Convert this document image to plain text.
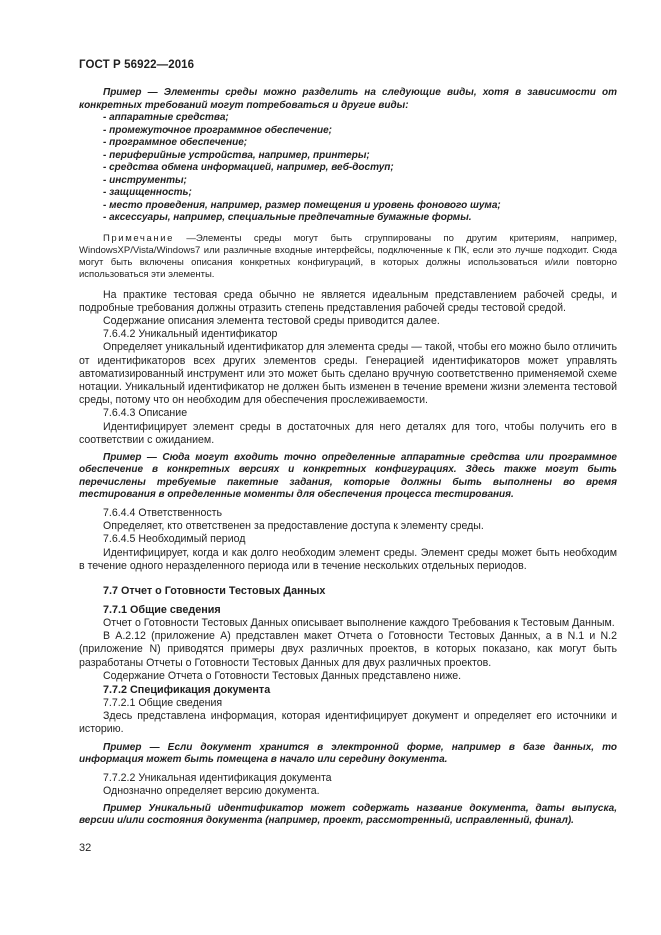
ГОСТ Р 56922—2016

Пример — Элементы среды можно разделить на следующие виды, хотя в зависимости от конкретных требований могут потребоваться и другие виды:

- аппаратные средства;
- промежуточное программное обеспечение;
- программное обеспечение;
- периферийные устройства, например, принтеры;
- средства обмена информацией, например, веб-доступ;
- инструменты;
- защищенность;
- место проведения, например, размер помещения и уровень фонового шума;
- аксессуары, например, специальные предпечатные бумажные формы.

Примечание —Элементы среды могут быть сгруппированы по другим критериям, например, WindowsXP/Vista/Windows7 или различные входные интерфейсы, подключенные к ПК, если это лучше подходит. Сюда могут быть включены описания конкретных конфигураций, в которых должны использоваться и/или повторно использоваться эти элементы.

На практике тестовая среда обычно не является идеальным представлением рабочей среды, и подробные требования должны отразить степень представления рабочей среды тестовой средой.

Содержание описания элемента тестовой среды приводится далее.

7.6.4.2 Уникальный идентификатор

Определяет уникальный идентификатор для элемента среды — такой, чтобы его можно было отличить от идентификаторов всех других элементов среды. Генерацией идентификаторов может управлять автоматизированный инструмент или это может быть сделано вручную соответственно применяемой схеме нотации. Уникальный идентификатор не должен быть изменен в течение времени жизни элемента тестовой среды, потому что он необходим для обеспечения прослеживаемости.

7.6.4.3 Описание

Идентифицирует элемент среды в достаточных для него деталях для того, чтобы получить его в соответствии с ожиданием.

Пример — Сюда могут входить точно определенные аппаратные средства или программное обеспечение в конкретных версиях и конкретных конфигурациях. Здесь также могут быть перечислены требуемые пакетные задания, которые должны быть выполнены во время тестирования в определенные моменты для обеспечения процесса тестирования.

7.6.4.4 Ответственность

Определяет, кто ответственен за предоставление доступа к элементу среды.

7.6.4.5 Необходимый период

Идентифицирует, когда и как долго необходим элемент среды. Элемент среды может быть необходим в течение одного неразделенного периода или в течение нескольких отдельных периодов.

7.7 Отчет о Готовности Тестовых Данных

7.7.1 Общие сведения

Отчет о Готовности Тестовых Данных описывает выполнение каждого Требования к Тестовым Данным.

В А.2.12 (приложение А) представлен макет Отчета о Готовности Тестовых Данных, а в N.1 и N.2 (приложение N) приводятся примеры двух различных проектов, в которых показано, как могут быть разработаны Отчеты о Готовности Тестовых Данных для двух различных проектов.

Содержание Отчета о Готовности Тестовых Данных представлено ниже.

7.7.2 Спецификация документа

7.7.2.1 Общие сведения

Здесь представлена информация, которая идентифицирует документ и определяет его источники и историю.

Пример — Если документ хранится в электронной форме, например в базе данных, то информация может быть помещена в начало или середину документа.

7.7.2.2 Уникальная идентификация документа

Однозначно определяет версию документа.

Пример Уникальный идентификатор может содержать название документа, даты выпуска, версии и/или состояния документа (например, проект, рассмотренный, исправленный, финал).

32
